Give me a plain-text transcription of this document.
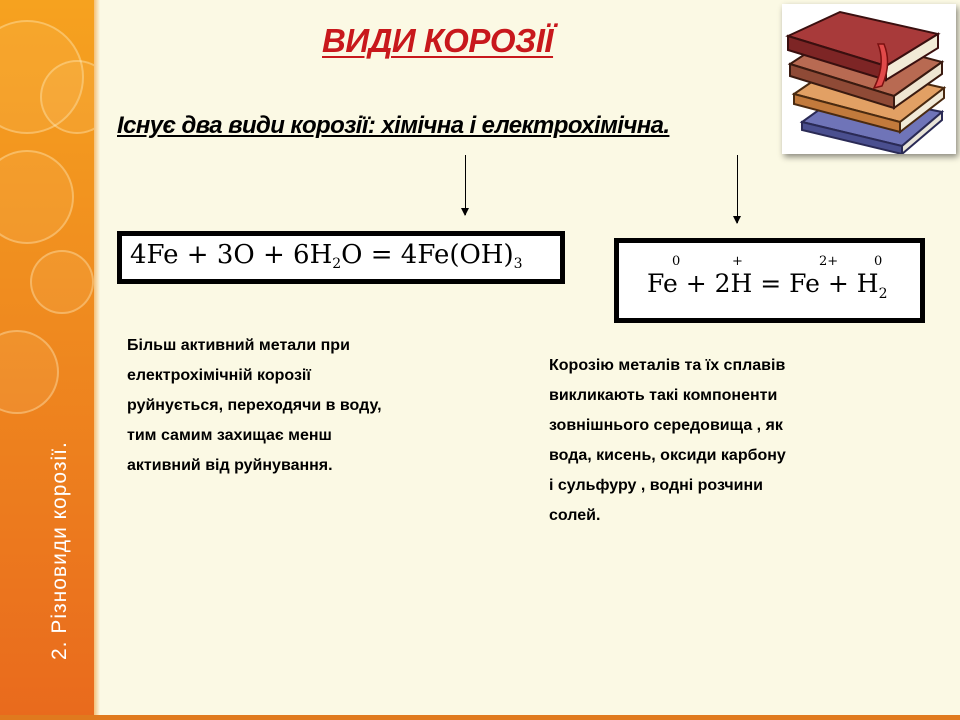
2. Різновиди корозії.
ВИДИ КОРОЗІЇ

Існує два види корозії: хімічна і електрохімічна.

$4Fe + 3O + 6H_2O = 4Fe(OH)_3$	0	+	2+	0
$Fe + 2H = Fe + H_2$
Більш активний метали при
електрохімічній корозії
руйнується, переходячи в воду,
тим самим захищає менш
активний від руйнування.
Корозію металів та їх сплавів
викликають такі компоненти
зовнішнього середовища , як
вода, кисень, оксиди карбону
і сульфуру , водні розчини
солей.
